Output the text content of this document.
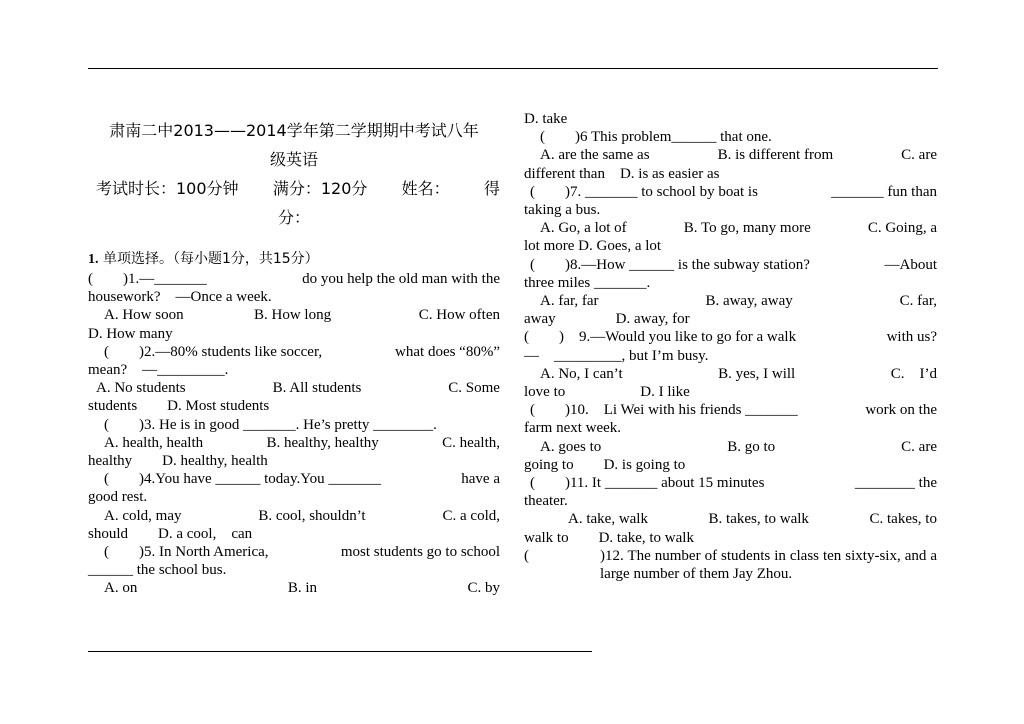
肃南二中2013——2014学年第二学期期中考试八年
级英语
考试时长：100分钟 满分：120分 姓名： 得
分：
1. 单项选择。（每小题1分，共15分）
(　　)1.—_______	do you help the old man with the
housework?　—Once a week.
A. How soon	B. How long	C. How often
D. How many
(　　)2.—80% students like soccer,	what does “80%”
mean?　—_________.
A. No students	B. All students	C. Some
students　　D. Most students
(　　)3. He is in good _______. He’s pretty ________.
A. health, health	B. healthy, healthy	C. health,
healthy　　D. healthy, health
(　　)4.You have ______ today.You _______	have a
good rest.
A. cold, may	B. cool, shouldn’t	C. a cold,
should　　D. a cool,　can
(　　)5. In North America,	most students go to school
______ the school bus.
A. on	B. in	C. by
D. take
(　　)6 This problem______ that one.
A. are the same as	B. is different from	C. are
different than　D. is as easier as
(　　)7. _______ to school by boat is	_______ fun than
taking a bus.
A. Go, a lot of	B. To go, many more	C. Going, a
lot more D. Goes, a lot
(　　)8.—How ______ is the subway station?	—About
three miles _______.
A. far, far	B. away, away	C. far,
away　　　　D. away, for
(　　)　9.—Would you like to go for a walk	with us?
—　_________, but I’m busy.
A. No, I can’t	B. yes, I will	C.　I’d
love to　　　　　D. I like
(　　)10.　Li Wei with his friends _______	work on the
farm next week.
A. goes to	B. go to	C. are
going to　　D. is going to
(　　)11. It _______ about 15 minutes	________ the
theater.
A. take, walk	B. takes, to walk	C. takes, to
walk to　　D. take, to walk
(	)12. The number of students in class ten sixty-six, and a large number of them Jay Zhou.
